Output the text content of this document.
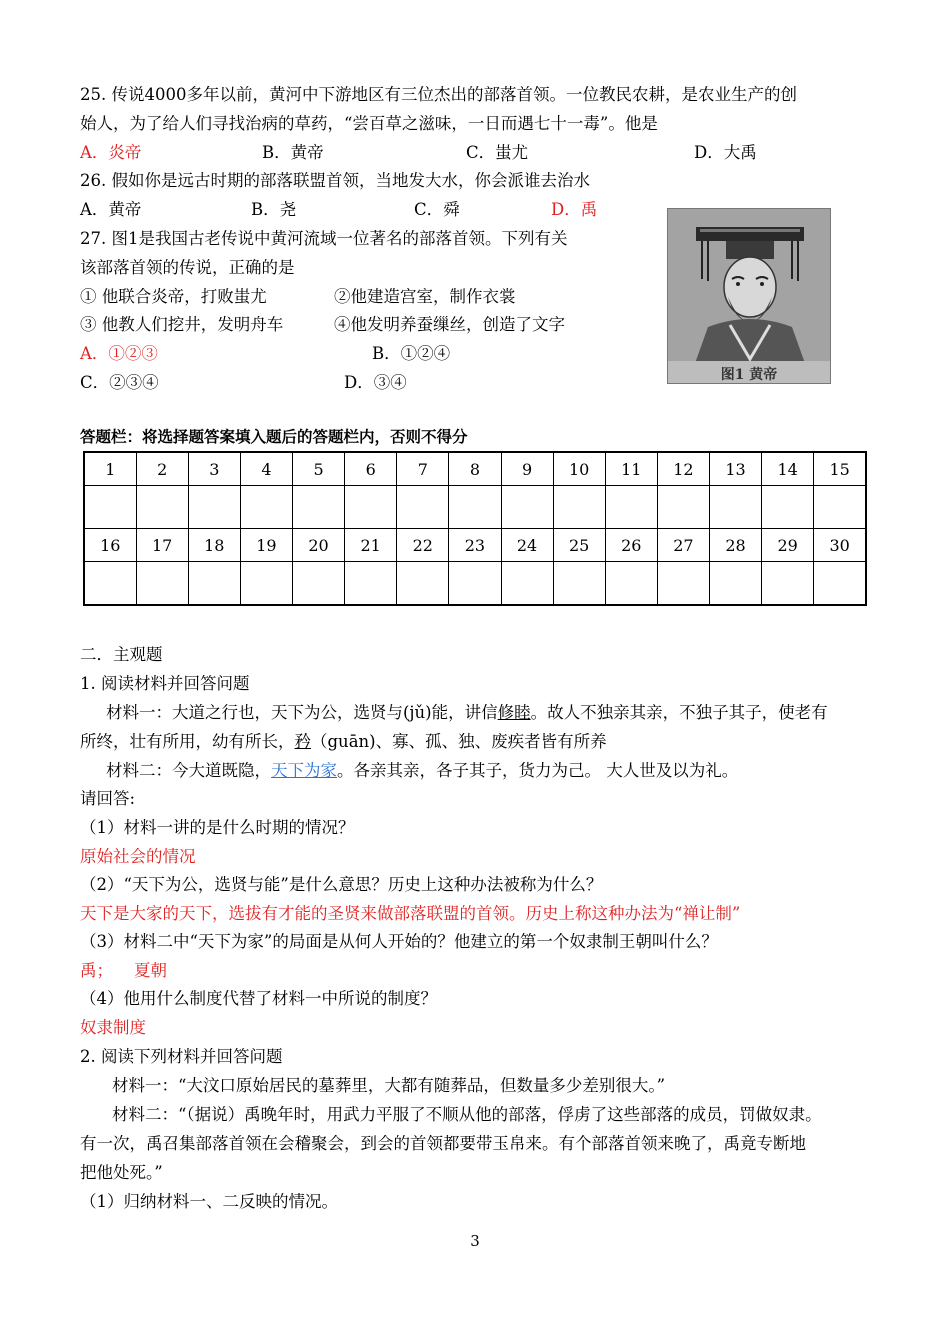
25. 传说4000多年以前，黄河中下游地区有三位杰出的部落首领。一位教民农耕，是农业生产的创
始人，为了给人们寻找治病的草药，“尝百草之滋味，一日而遇七十一毒”。他是
A．炎帝	B．黄帝	C．蚩尤	D．大禹
26. 假如你是远古时期的部落联盟首领，当地发大水，你会派谁去治水
A．黄帝	B．尧	C．舜	D．禹
27. 图1是我国古老传说中黄河流域一位著名的部落首领。下列有关
该部落首领的传说，正确的是
① 他联合炎帝，打败蚩尤	②他建造宫室，制作衣裳
③ 他教人们挖井，发明舟车	④他发明养蚕缫丝，创造了文字
A．①②③	B．①②④
C．②③④	D．③④	图1 黄帝
答题栏：将选择题答案填入题后的答题栏内，否则不得分
1	2	3	4	5	6	7	8	9	10	11	12	13	14	15

16	17	18	19	20	21	22	23	24	25	26	27	28	29	30

二．主观题
1. 阅读材料并回答问题
材料一：大道之行也，天下为公，选贤与(jǔ)能，讲信修睦。故人不独亲其亲，不独子其子，使老有
所终，壮有所用，幼有所长，矜（guān)、寡、孤、独、废疾者皆有所养
材料二：今大道既隐，天下为家。各亲其亲，各子其子，货力为己。 大人世及以为礼。
请回答:
（1）材料一讲的是什么时期的情况？
原始社会的情况
（2）“天下为公，选贤与能”是什么意思？历史上这种办法被称为什么？
天下是大家的天下，选拔有才能的圣贤来做部落联盟的首领。历史上称这种办法为“禅让制”
（3）材料二中“天下为家”的局面是从何人开始的？他建立的第一个奴隶制王朝叫什么？
禹；    夏朝
（4）他用什么制度代替了材料一中所说的制度？
奴隶制度
2. 阅读下列材料并回答问题
材料一：“大汶口原始居民的墓葬里，大都有随葬品，但数量多少差别很大。”
材料二：“（据说）禹晚年时，用武力平服了不顺从他的部落，俘虏了这些部落的成员，罚做奴隶。
有一次，禹召集部落首领在会稽聚会，到会的首领都要带玉帛来。有个部落首领来晚了，禹竟专断地
把他处死。”
（1）归纳材料一、二反映的情况。
3
